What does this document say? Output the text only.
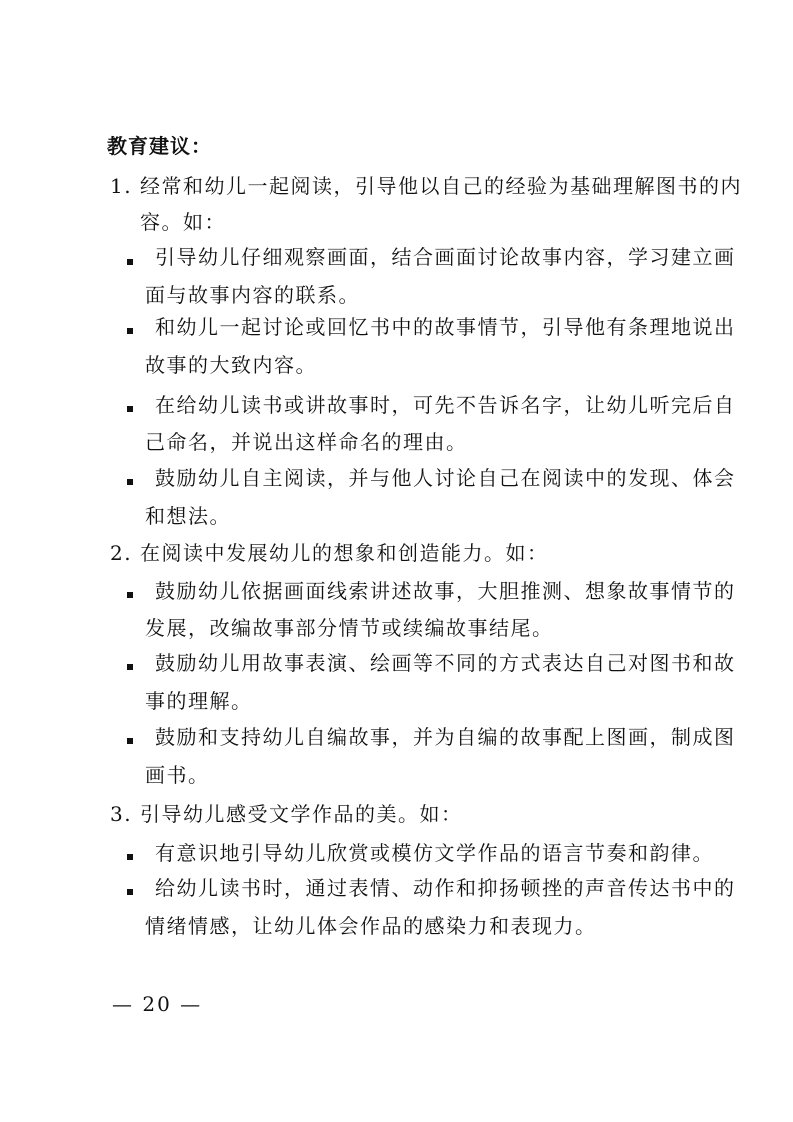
教育建议：
1. 经常和幼儿一起阅读，引导他以自己的经验为基础理解图书的内
容。如：
引导幼儿仔细观察画面，结合画面讨论故事内容，学习建立画
面与故事内容的联系。
和幼儿一起讨论或回忆书中的故事情节，引导他有条理地说出
故事的大致内容。
在给幼儿读书或讲故事时，可先不告诉名字，让幼儿听完后自
己命名，并说出这样命名的理由。
鼓励幼儿自主阅读，并与他人讨论自己在阅读中的发现、体会
和想法。
2. 在阅读中发展幼儿的想象和创造能力。如：
鼓励幼儿依据画面线索讲述故事，大胆推测、想象故事情节的
发展，改编故事部分情节或续编故事结尾。
鼓励幼儿用故事表演、绘画等不同的方式表达自己对图书和故
事的理解。
鼓励和支持幼儿自编故事，并为自编的故事配上图画，制成图
画书。
3. 引导幼儿感受文学作品的美。如：
有意识地引导幼儿欣赏或模仿文学作品的语言节奏和韵律。
给幼儿读书时，通过表情、动作和抑扬顿挫的声音传达书中的
情绪情感，让幼儿体会作品的感染力和表现力。
— 20 —
